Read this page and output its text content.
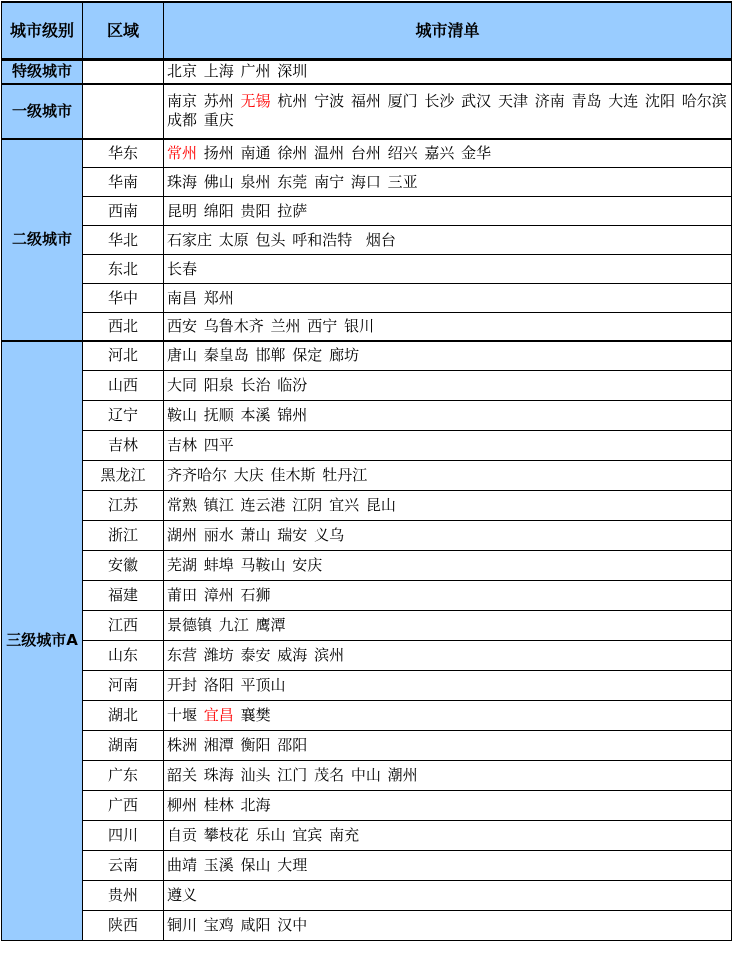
城市级别	区域	城市清单
特级城市		北京 上海 广州 深圳
一级城市		南京 苏州 无锡 杭州 宁波 福州 厦门 长沙 武汉 天津 济南 青岛 大连 沈阳 哈尔滨 成都 重庆
二级城市	华东	常州 扬州 南通 徐州 温州 台州 绍兴 嘉兴 金华
	华南	珠海 佛山 泉州 东莞 南宁 海口 三亚
	西南	昆明 绵阳 贵阳 拉萨
	华北	石家庄 太原 包头 呼和浩特  烟台
	东北	长春
	华中	南昌 郑州
	西北	西安 乌鲁木齐 兰州 西宁 银川
三级城市A	河北	唐山 秦皇岛 邯郸 保定 廊坊
	山西	大同 阳泉 长治 临汾
	辽宁	鞍山 抚顺 本溪 锦州
	吉林	吉林 四平
	黑龙江	齐齐哈尔 大庆 佳木斯 牡丹江
	江苏	常熟 镇江 连云港 江阴 宜兴 昆山
	浙江	湖州 丽水 萧山 瑞安 义乌
	安徽	芜湖 蚌埠 马鞍山 安庆
	福建	莆田 漳州 石狮
	江西	景德镇 九江 鹰潭
	山东	东营 潍坊 泰安 威海 滨州
	河南	开封 洛阳 平顶山
	湖北	十堰 宜昌 襄樊
	湖南	株洲 湘潭 衡阳 邵阳
	广东	韶关 珠海 汕头 江门 茂名 中山 潮州
	广西	柳州 桂林 北海
	四川	自贡 攀枝花 乐山 宜宾 南充
	云南	曲靖 玉溪 保山 大理
	贵州	遵义
	陕西	铜川 宝鸡 咸阳 汉中
